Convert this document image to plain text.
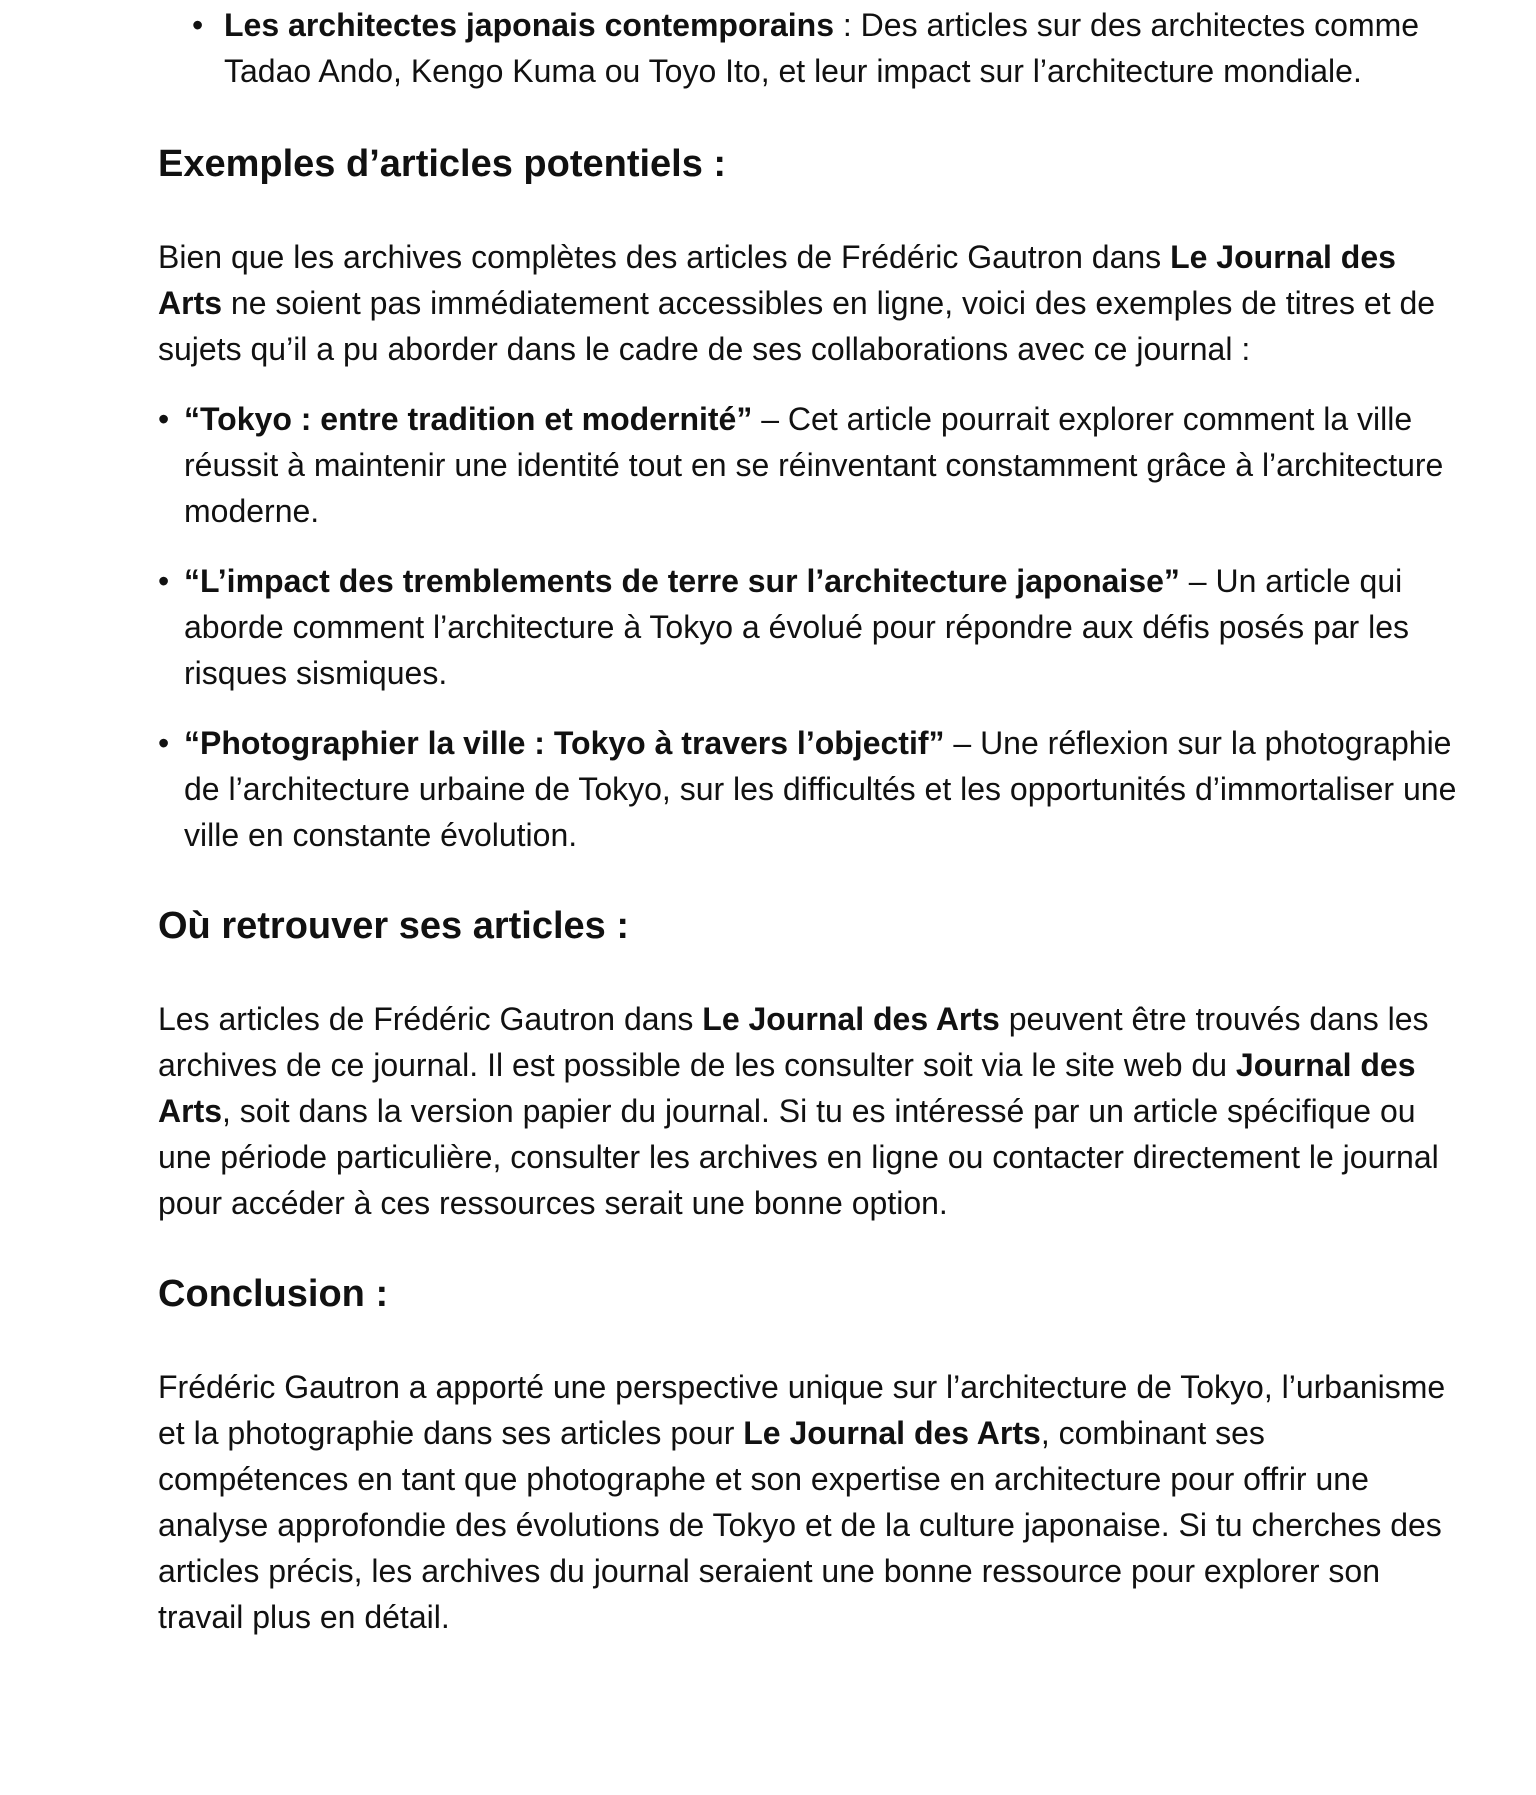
• Les architectes japonais contemporains : Des articles sur des architectes comme Tadao Ando, Kengo Kuma ou Toyo Ito, et leur impact sur l’architecture mondiale.
Exemples d’articles potentiels :

Bien que les archives complètes des articles de Frédéric Gautron dans Le Journal des Arts ne soient pas immédiatement accessibles en ligne, voici des exemples de titres et de sujets qu’il a pu aborder dans le cadre de ses collaborations avec ce journal :

• “Tokyo : entre tradition et modernité” – Cet article pourrait explorer comment la ville réussit à maintenir une identité tout en se réinventant constamment grâce à l’architecture moderne.
• “L’impact des tremblements de terre sur l’architecture japonaise” – Un article qui aborde comment l’architecture à Tokyo a évolué pour répondre aux défis posés par les risques sismiques.
• “Photographier la ville : Tokyo à travers l’objectif” – Une réflexion sur la photographie de l’architecture urbaine de Tokyo, sur les difficultés et les opportunités d’immortaliser une ville en constante évolution.
Où retrouver ses articles :

Les articles de Frédéric Gautron dans Le Journal des Arts peuvent être trouvés dans les archives de ce journal. Il est possible de les consulter soit via le site web du Journal des Arts, soit dans la version papier du journal. Si tu es intéressé par un article spécifique ou une période particulière, consulter les archives en ligne ou contacter directement le journal pour accéder à ces ressources serait une bonne option.

Conclusion :

Frédéric Gautron a apporté une perspective unique sur l’architecture de Tokyo, l’urbanisme et la photographie dans ses articles pour Le Journal des Arts, combinant ses compétences en tant que photographe et son expertise en architecture pour offrir une analyse approfondie des évolutions de Tokyo et de la culture japonaise. Si tu cherches des articles précis, les archives du journal seraient une bonne ressource pour explorer son travail plus en détail.
